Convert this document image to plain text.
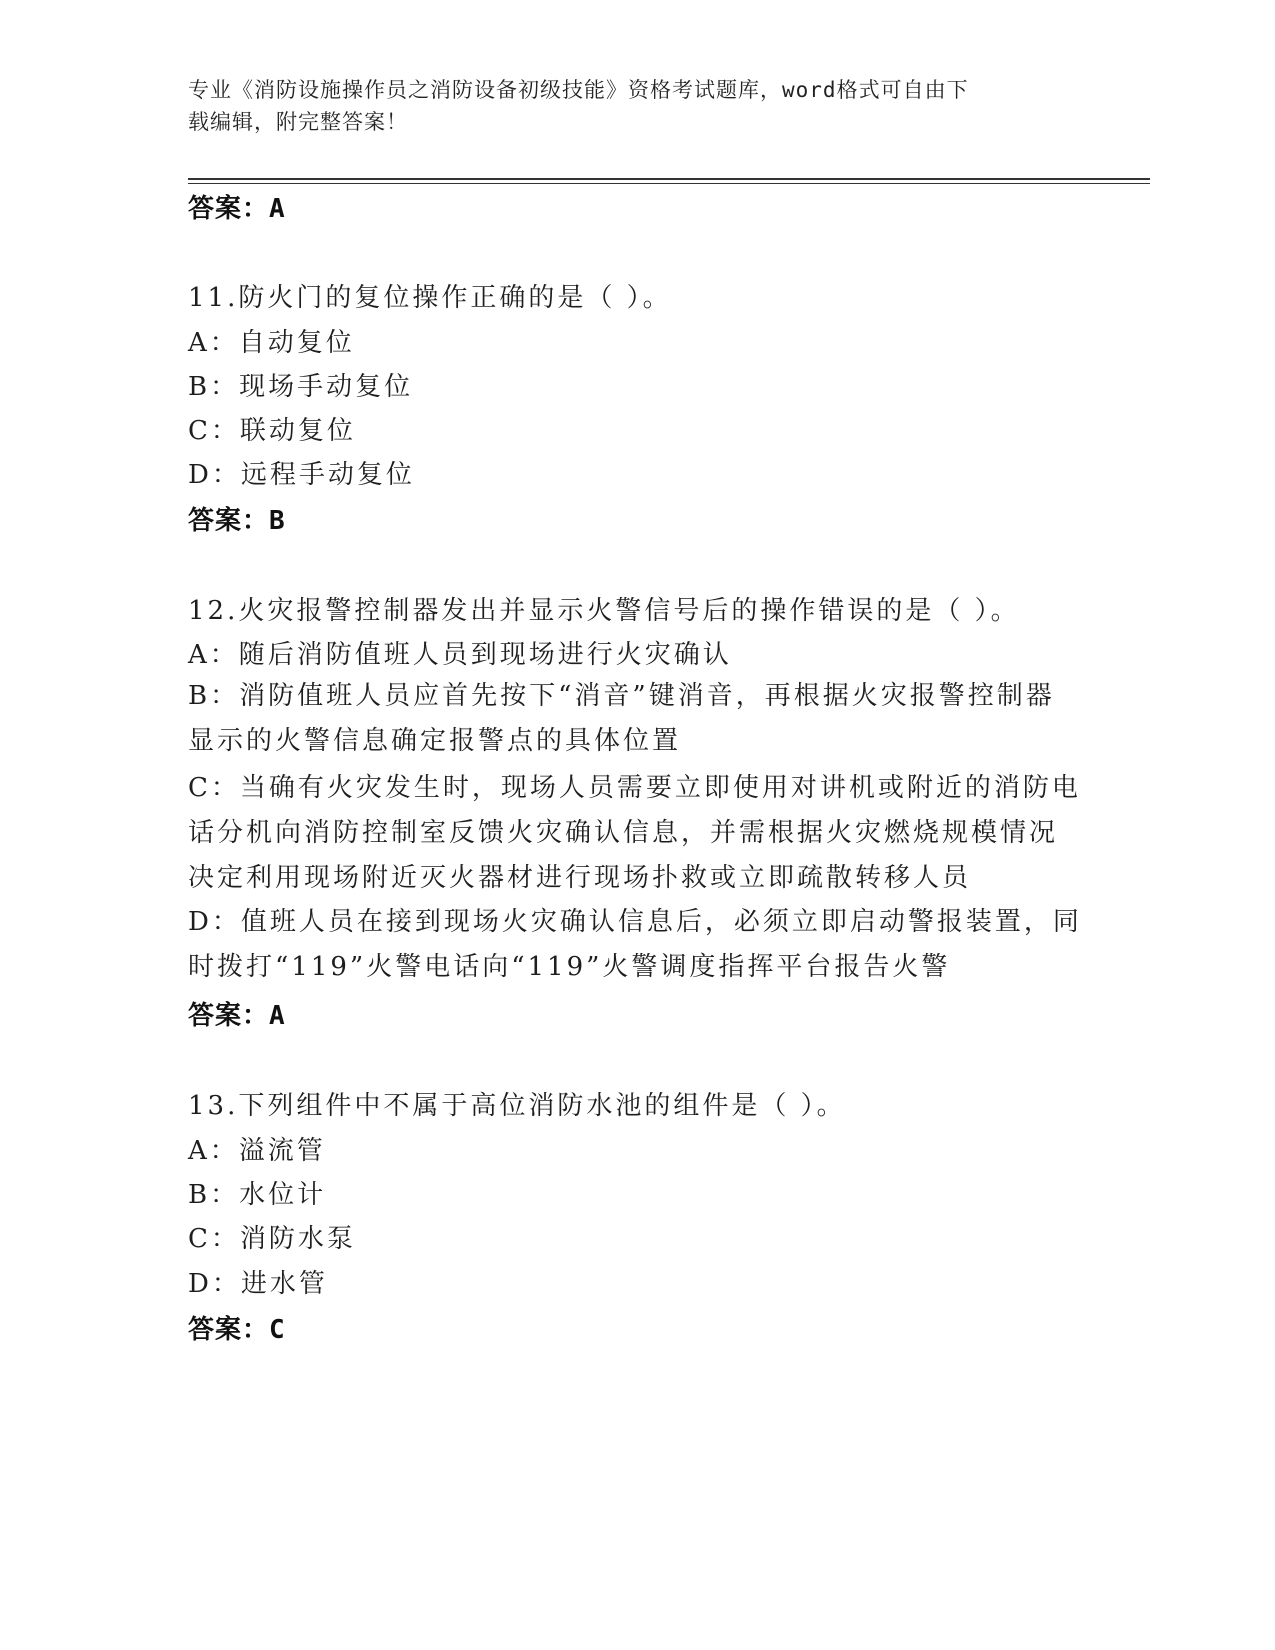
专业《消防设施操作员之消防设备初级技能》资格考试题库，word格式可自由下
载编辑，附完整答案！
答案：A
11.防火门的复位操作正确的是（ ）。
A：自动复位
B：现场手动复位
C：联动复位
D：远程手动复位
答案：B
12.火灾报警控制器发出并显示火警信号后的操作错误的是（ ）。
A：随后消防值班人员到现场进行火灾确认
B：消防值班人员应首先按下“消音”键消音，再根据火灾报警控制器
显示的火警信息确定报警点的具体位置
C：当确有火灾发生时，现场人员需要立即使用对讲机或附近的消防电
话分机向消防控制室反馈火灾确认信息，并需根据火灾燃烧规模情况
决定利用现场附近灭火器材进行现场扑救或立即疏散转移人员
D：值班人员在接到现场火灾确认信息后，必须立即启动警报装置，同
时拨打“119”火警电话向“119”火警调度指挥平台报告火警
答案：A
13.下列组件中不属于高位消防水池的组件是（ ）。
A：溢流管
B：水位计
C：消防水泵
D：进水管
答案：C
